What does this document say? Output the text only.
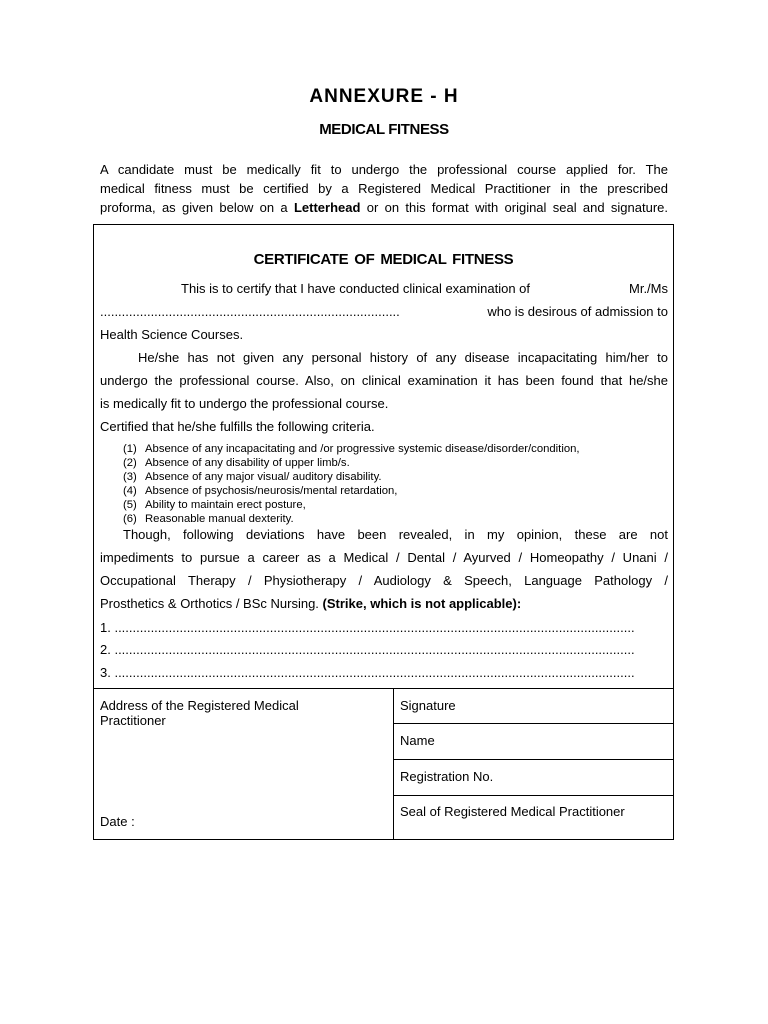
ANNEXURE - H
MEDICAL FITNESS
A candidate must be medically fit to undergo the professional course applied for. The
medical fitness must be certified by a Registered Medical Practitioner in the prescribed
proforma, as given below on a Letterhead or on this format with original seal and signature.
CERTIFICATE OF MEDICAL FITNESS
This is to certify that I have conducted clinical examination of	Mr./Ms
...................................................................................	who is desirous of admission to
Health Science Courses.
He/she has not given any personal history of any disease incapacitating him/her to
undergo the professional course. Also, on clinical examination it has been found that he/she
is medically fit to undergo the professional course.
Certified that he/she fulfills the following criteria.
(1) Absence of any incapacitating and /or progressive systemic disease/disorder/condition,
(2) Absence of any disability of upper limb/s.
(3) Absence of any major visual/ auditory disability.
(4) Absence of psychosis/neurosis/mental retardation,
(5) Ability to maintain erect posture,
(6) Reasonable manual dexterity.
Though, following deviations have been revealed, in my opinion, these are not
impediments to pursue a career as a Medical / Dental / Ayurved / Homeopathy / Unani /
Occupational Therapy / Physiotherapy / Audiology & Speech, Language Pathology /
Prosthetics & Orthotics / BSc Nursing. (Strike, which is not applicable):
1. ................................................................................................................................................
2. ................................................................................................................................................
3. ................................................................................................................................................
Address of the Registered Medical Practitioner
Date :
Signature
Name
Registration No.
Seal of Registered Medical Practitioner
